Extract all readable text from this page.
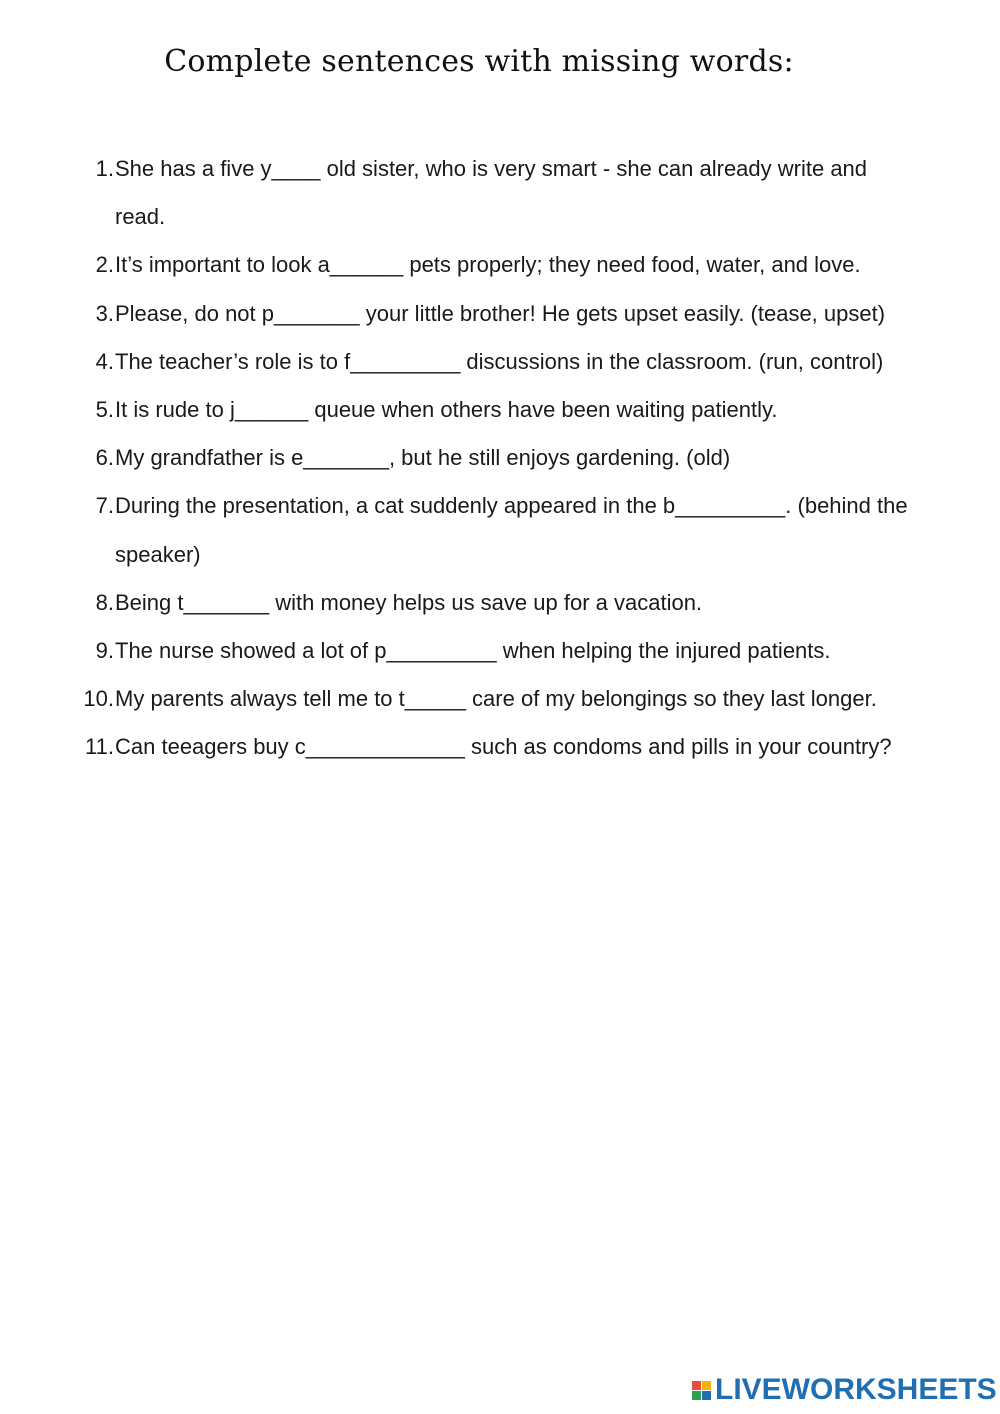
Complete sentences with missing words:
1. She has a five y____ old sister, who is very smart - she can already write and read.
2. It’s important to look a______ pets properly; they need food, water, and love.
3. Please, do not p_______ your little brother! He gets upset easily. (tease, upset)
4. The teacher’s role is to f_________ discussions in the classroom. (run, control)
5. It is rude to j______ queue when others have been waiting patiently.
6. My grandfather is e_______, but he still enjoys gardening. (old)
7. During the presentation, a cat suddenly appeared in the b_________. (behind the speaker)
8. Being t_______ with money helps us save up for a vacation.
9. The nurse showed a lot of p_________ when helping the injured patients.
10. My parents always tell me to t_____ care of my belongings so they last longer.
11. Can teeagers buy c_____________ such as condoms and pills in your country?
LIVEWORKSHEETS
